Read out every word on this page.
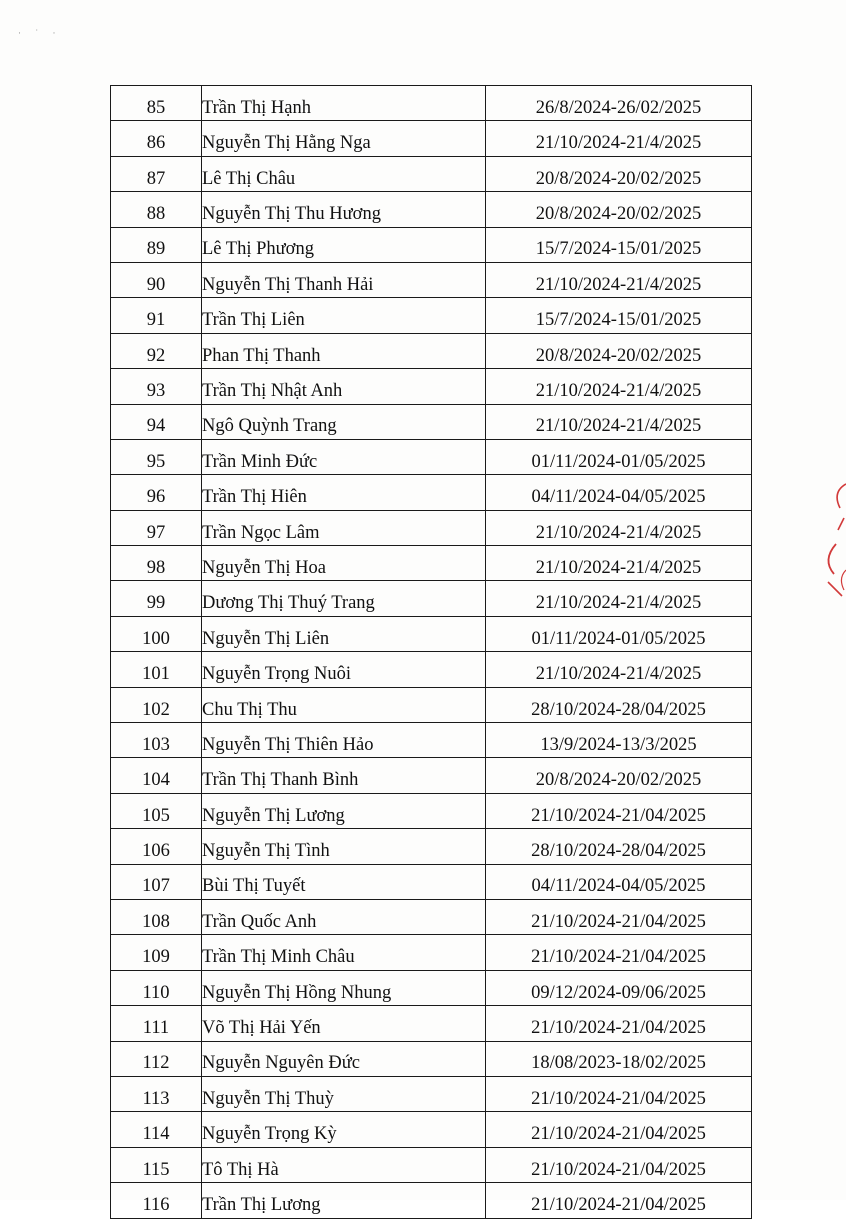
· ˙ ·
85	Trần Thị Hạnh	26/8/2024-26/02/2025
86	Nguyễn Thị Hằng Nga	21/10/2024-21/4/2025
87	Lê Thị Châu	20/8/2024-20/02/2025
88	Nguyễn Thị Thu Hương	20/8/2024-20/02/2025
89	Lê Thị Phương	15/7/2024-15/01/2025
90	Nguyễn Thị Thanh Hải	21/10/2024-21/4/2025
91	Trần Thị Liên	15/7/2024-15/01/2025
92	Phan Thị Thanh	20/8/2024-20/02/2025
93	Trần Thị Nhật Anh	21/10/2024-21/4/2025
94	Ngô Quỳnh Trang	21/10/2024-21/4/2025
95	Trần Minh Đức	01/11/2024-01/05/2025
96	Trần Thị Hiên	04/11/2024-04/05/2025
97	Trần Ngọc Lâm	21/10/2024-21/4/2025
98	Nguyễn Thị Hoa	21/10/2024-21/4/2025
99	Dương Thị Thuý Trang	21/10/2024-21/4/2025
100	Nguyễn Thị Liên	01/11/2024-01/05/2025
101	Nguyễn Trọng Nuôi	21/10/2024-21/4/2025
102	Chu Thị Thu	28/10/2024-28/04/2025
103	Nguyễn Thị Thiên Hảo	13/9/2024-13/3/2025
104	Trần Thị Thanh Bình	20/8/2024-20/02/2025
105	Nguyễn Thị Lương	21/10/2024-21/04/2025
106	Nguyễn Thị Tình	28/10/2024-28/04/2025
107	Bùi Thị Tuyết	04/11/2024-04/05/2025
108	Trần Quốc Anh	21/10/2024-21/04/2025
109	Trần Thị Minh Châu	21/10/2024-21/04/2025
110	Nguyễn Thị Hồng Nhung	09/12/2024-09/06/2025
111	Võ Thị Hải Yến	21/10/2024-21/04/2025
112	Nguyễn Nguyên Đức	18/08/2023-18/02/2025
113	Nguyễn Thị Thuỳ	21/10/2024-21/04/2025
114	Nguyễn Trọng Kỳ	21/10/2024-21/04/2025
115	Tô Thị Hà	21/10/2024-21/04/2025
116	Trần Thị Lương	21/10/2024-21/04/2025
